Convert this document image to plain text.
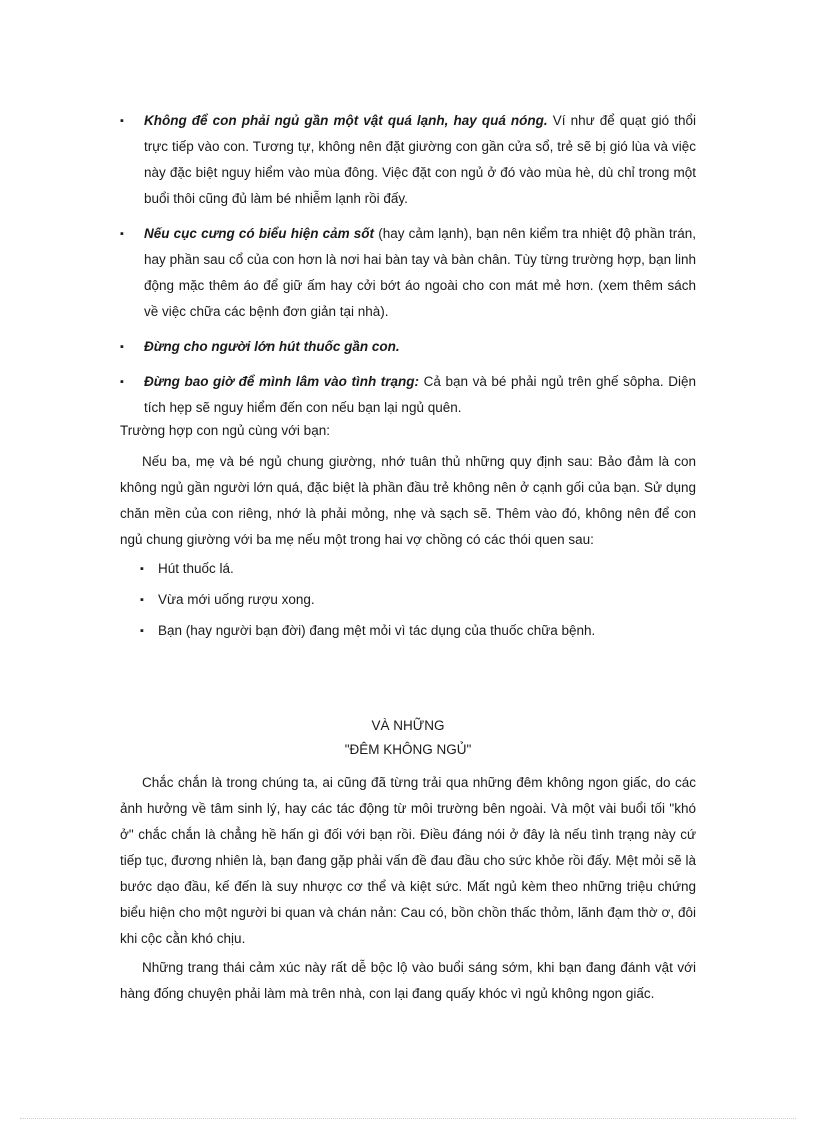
▪ Không để con phải ngủ gần một vật quá lạnh, hay quá nóng. Ví như để quạt gió thổi trực tiếp vào con. Tương tự, không nên đặt giường con gần cửa sổ, trẻ sẽ bị gió lùa và việc này đặc biệt nguy hiểm vào mùa đông. Việc đặt con ngủ ở đó vào mùa hè, dù chỉ trong một buổi thôi cũng đủ làm bé nhiễm lạnh rồi đấy.

▪ Nếu cục cưng có biểu hiện cảm sốt (hay cảm lạnh), bạn nên kiểm tra nhiệt độ phần trán, hay phần sau cổ của con hơn là nơi hai bàn tay và bàn chân. Tùy từng trường hợp, bạn linh động mặc thêm áo để giữ ấm hay cởi bớt áo ngoài cho con mát mẻ hơn. (xem thêm sách về việc chữa các bệnh đơn giản tại nhà).

▪ Đừng cho người lớn hút thuốc gần con.

▪ Đừng bao giờ để mình lâm vào tình trạng: Cả bạn và bé phải ngủ trên ghế sôpha. Diện tích hẹp sẽ nguy hiểm đến con nếu bạn lại ngủ quên.

Trường hợp con ngủ cùng với bạn:

Nếu ba, mẹ và bé ngủ chung giường, nhớ tuân thủ những quy định sau: Bảo đảm là con không ngủ gần người lớn quá, đặc biệt là phần đầu trẻ không nên ở cạnh gối của bạn. Sử dụng chăn mền của con riêng, nhớ là phải mỏng, nhẹ và sạch sẽ. Thêm vào đó, không nên để con ngủ chung giường với ba mẹ nếu một trong hai vợ chồng có các thói quen sau:

▪ Hút thuốc lá.

▪ Vừa mới uống rượu xong.

▪ Bạn (hay người bạn đời) đang mệt mỏi vì tác dụng của thuốc chữa bệnh.

VÀ NHỮNG

"ĐÊM KHÔNG NGỦ"

Chắc chắn là trong chúng ta, ai cũng đã từng trải qua những đêm không ngon giấc, do các ảnh hưởng về tâm sinh lý, hay các tác động từ môi trường bên ngoài. Và một vài buổi tối "khó ở" chắc chắn là chẳng hề hấn gì đối với bạn rồi. Điều đáng nói ở đây là nếu tình trạng này cứ tiếp tục, đương nhiên là, bạn đang gặp phải vấn đề đau đầu cho sức khỏe rồi đấy. Mệt mỏi sẽ là bước dạo đầu, kế đến là suy nhược cơ thể và kiệt sức. Mất ngủ kèm theo những triệu chứng biểu hiện cho một người bi quan và chán nản: Cau có, bồn chồn thấc thỏm, lãnh đạm thờ ơ, đôi khi cộc cằn khó chịu.

Những trang thái cảm xúc này rất dễ bộc lộ vào buổi sáng sớm, khi bạn đang đánh vật với hàng đống chuyện phải làm mà trên nhà, con lại đang quấy khóc vì ngủ không ngon giấc.
